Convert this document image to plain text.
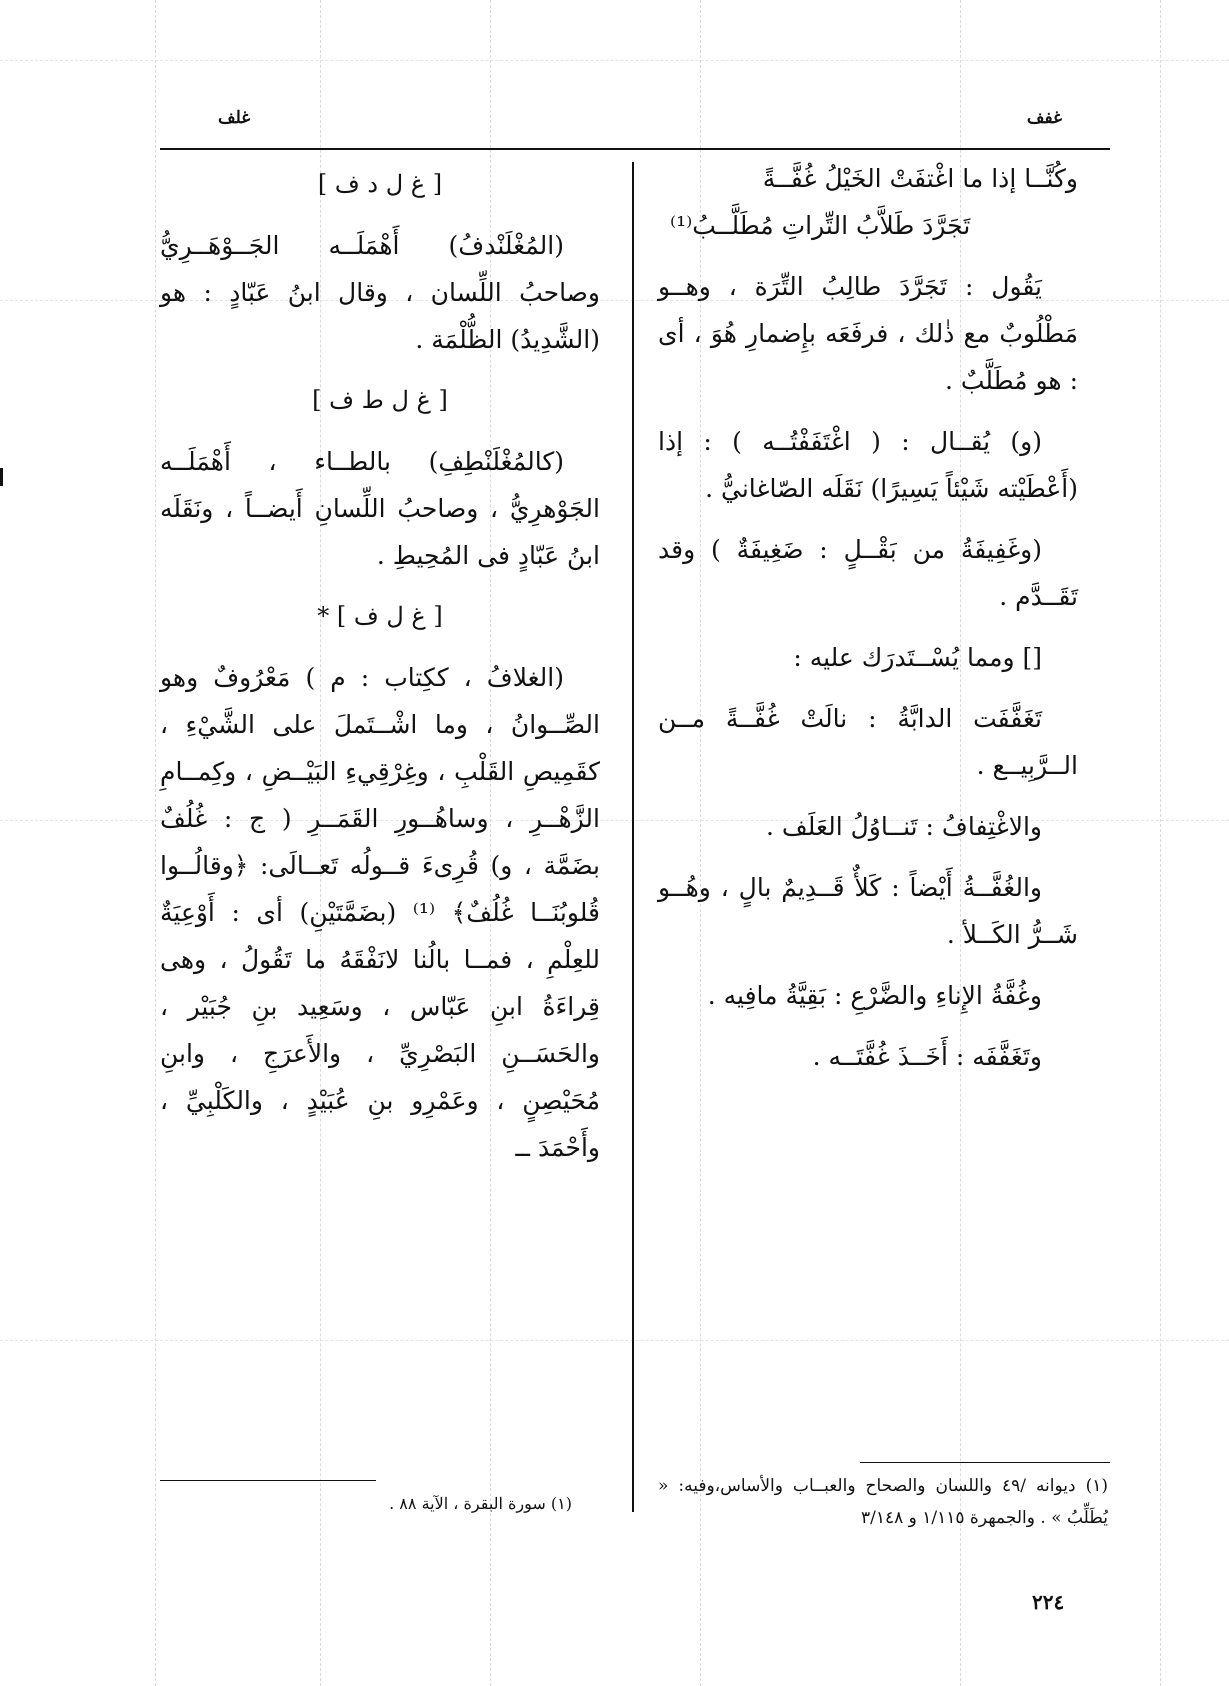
غفف
غلف

وكُنَّــا إذا ما اغْتفَتْ الخَيْلُ غُفَّــةً

تَجَرَّدَ طَلاَّبُ التِّراتِ مُطَلَّــبُ⁽¹⁾

يَقُول : تَجَرَّدَ طالِبُ التِّرَة ، وهــو مَطْلُوبٌ مع ذٰلك ، فرفَعَه بإِضمارِ هُوَ ، أى : هو مُطَلَّبٌ .

(و) يُقــال : ( اغْتَفَفْتُــه ) : إذا (أَعْطَيْته شَيْئاً يَسِيرًا) نَقَلَه الصّاغانيُّ .

(وغَفِيفَةُ من بَقْــلٍ : ضَغِيفَةٌ ) وقد تَقَــدَّم .

[] ومما يُسْــتَدرَك عليه :

تَغَفَّفَت الدابَّةُ : نالَتْ غُفَّــةً مــن الــرَّبِيــع .

والاغْتِفافُ : تَنــاوُلُ العَلَف .

والغُفَّــةُ أَيْضاً : كَلأٌ قَــدِيمٌ بالٍ ، وهُــو شَــرُّ الكَــلأ .

وغُفَّةُ الإِناءِ والضَّرْعِ : بَقِيَّةُ مافِيه .

وتَغَفَّفَه : أَخَــذَ غُفَّتَــه .

[ غ ل د ف ]

(المُغْلَنْدفُ) أَهْمَلَــه الجَــوْهَــرِيُّ وصاحبُ اللِّسان ، وقال ابنُ عَبّادٍ : هو (الشَّدِيدُ) الظُّلْمَة .

[ غ ل ط ف ]

(كالمُغْلَنْطِفِ) بالطــاء ، أَهْمَلَــه الجَوْهرِيُّ ، وصاحبُ اللِّسانِ أَيضــاً ، ونَقَلَه ابنُ عَبّادٍ فى المُحِيطِ .

[ غ ل ف ] *

(الغلافُ ، ككِتاب : م ) مَعْرُوفٌ وهو الصِّــوانُ ، وما اشْــتَملَ على الشَّيْءِ ، كقَمِيصِ القَلْبِ ، وغِرْقِيءِ البَيْــضِ ، وكِمــامِ الزَّهْــرِ ، وساهُــورِ القَمَــرِ ( ج : غُلُفٌ بضَمَّة ، و) قُرِىءَ قــولُه تَعــالَى: ﴿وقالُــوا قُلوبُنَــا غُلُفٌ﴾ ⁽¹⁾ (بضَمَّتَيْنِ) أى : أَوْعِيَةٌ للعِلْمِ ، فمــا بالُنا لانَفْقَهُ ما تَقُولُ ، وهى قِراءَةُ ابنِ عَبّاس ، وسَعِيد بنِ جُبَيْر ، والحَسَــنِ البَصْرِيِّ ، والأَعرَجِ ، وابنِ مُحَيْصِنٍ ، وعَمْرِو بنِ عُبَيْدٍ ، والكَلْبِيِّ ، وأَحْمَدَ ــ

(١) سورة البقرة ، الآية ٨٨ .
(١) ديوانه /٤٩ واللسان والصحاح والعبــاب والأساس،وفيه: « يُطَلِّبُ » . والجمهرة ١/١١٥ و ٣/١٤٨
٢٢٤
